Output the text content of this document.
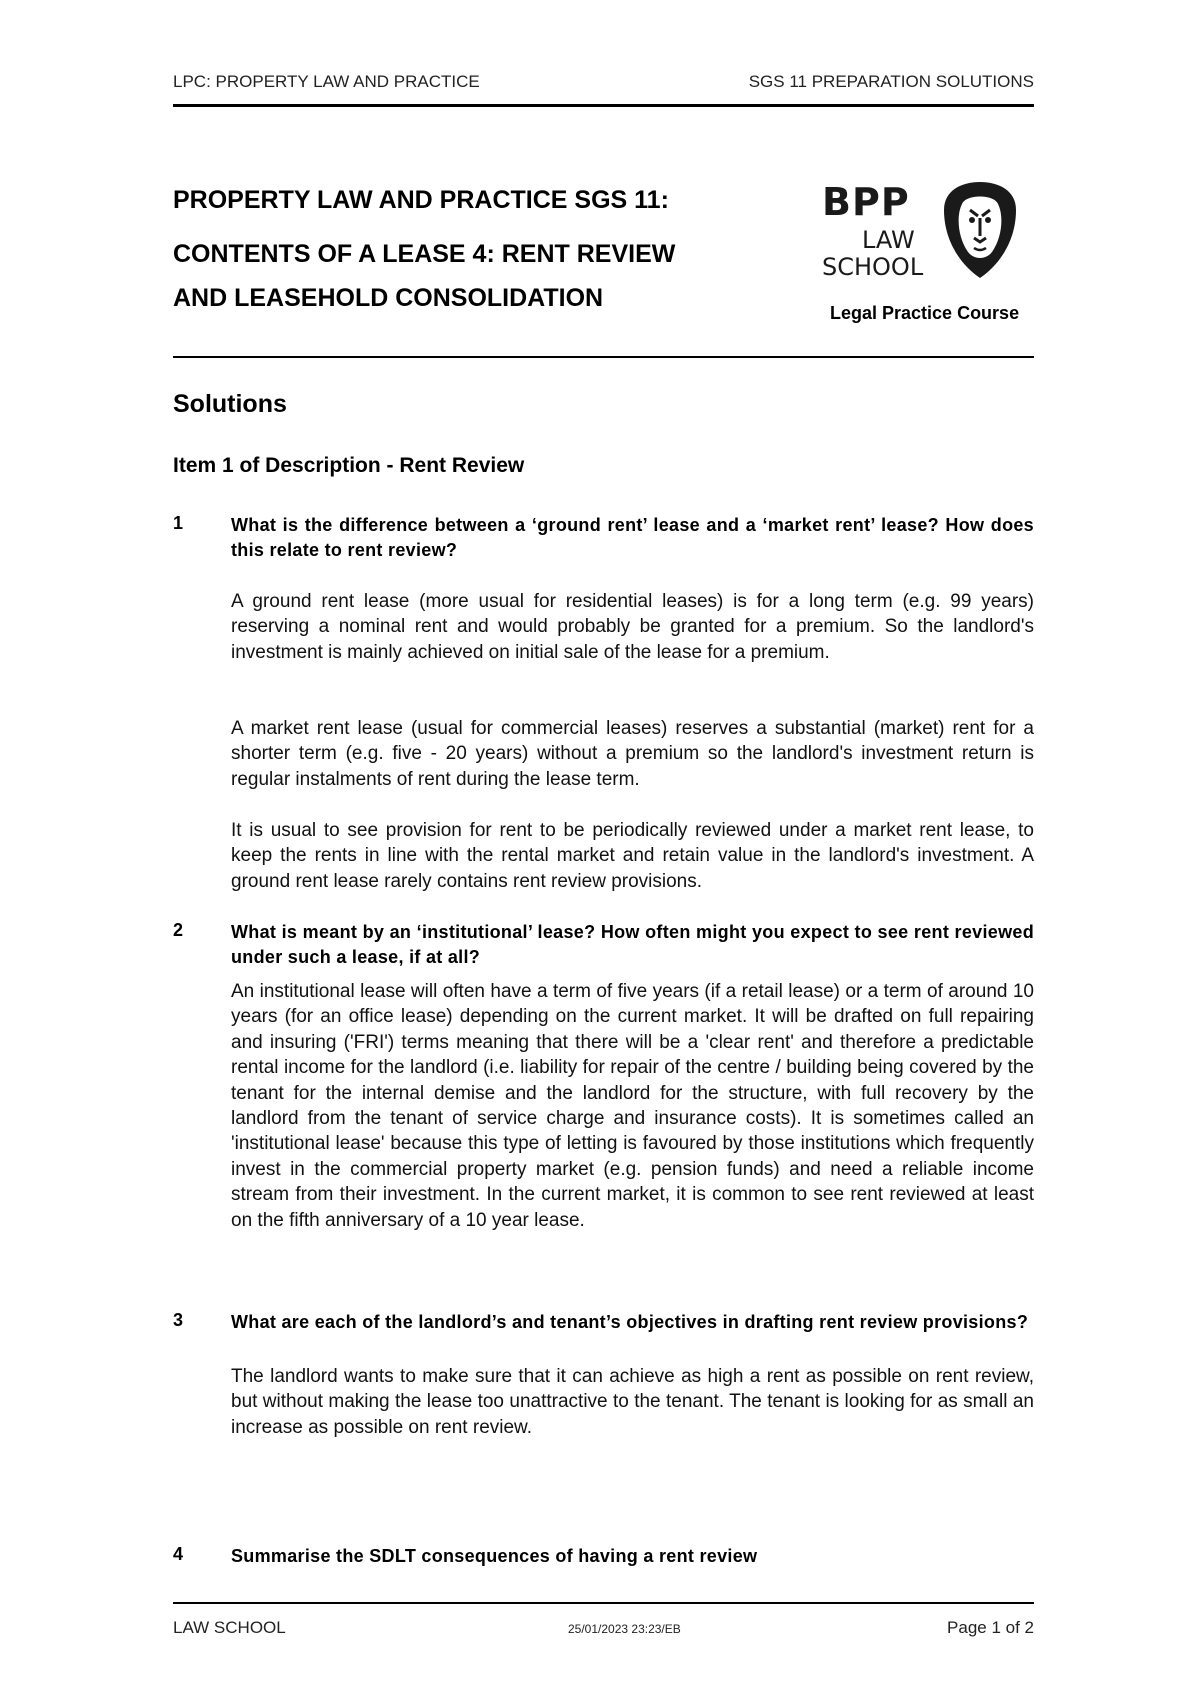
LPC: PROPERTY LAW AND PRACTICE	SGS 11 PREPARATION SOLUTIONS
PROPERTY LAW AND PRACTICE SGS 11:
CONTENTS OF A LEASE 4: RENT REVIEW
AND LEASEHOLD CONSOLIDATION
BPP
LAW
SCHOOL
Legal Practice Course
Solutions
Item 1 of Description - Rent Review
1	What is the difference between a ‘ground rent’ lease and a ‘market rent’ lease? How does this relate to rent review?
A ground rent lease (more usual for residential leases) is for a long term (e.g. 99 years) reserving a nominal rent and would probably be granted for a premium. So the landlord's investment is mainly achieved on initial sale of the lease for a premium.
A market rent lease (usual for commercial leases) reserves a substantial (market) rent for a shorter term (e.g. five - 20 years) without a premium so the landlord's investment return is regular instalments of rent during the lease term.
It is usual to see provision for rent to be periodically reviewed under a market rent lease, to keep the rents in line with the rental market and retain value in the landlord's investment. A ground rent lease rarely contains rent review provisions.
2	What is meant by an ‘institutional’ lease? How often might you expect to see rent reviewed under such a lease, if at all?
An institutional lease will often have a term of five years (if a retail lease) or a term of around 10 years (for an office lease) depending on the current market. It will be drafted on full repairing and insuring ('FRI') terms meaning that there will be a 'clear rent' and therefore a predictable rental income for the landlord (i.e. liability for repair of the centre / building being covered by the tenant for the internal demise and the landlord for the structure, with full recovery by the landlord from the tenant of service charge and insurance costs). It is sometimes called an 'institutional lease' because this type of letting is favoured by those institutions which frequently invest in the commercial property market (e.g. pension funds) and need a reliable income stream from their investment. In the current market, it is common to see rent reviewed at least on the fifth anniversary of a 10 year lease.
3	What are each of the landlord’s and tenant’s objectives in drafting rent review provisions?
The landlord wants to make sure that it can achieve as high a rent as possible on rent review, but without making the lease too unattractive to the tenant. The tenant is looking for as small an increase as possible on rent review.
4	Summarise the SDLT consequences of having a rent review
LAW SCHOOL	25/01/2023 23:23/EB	Page 1 of 2
